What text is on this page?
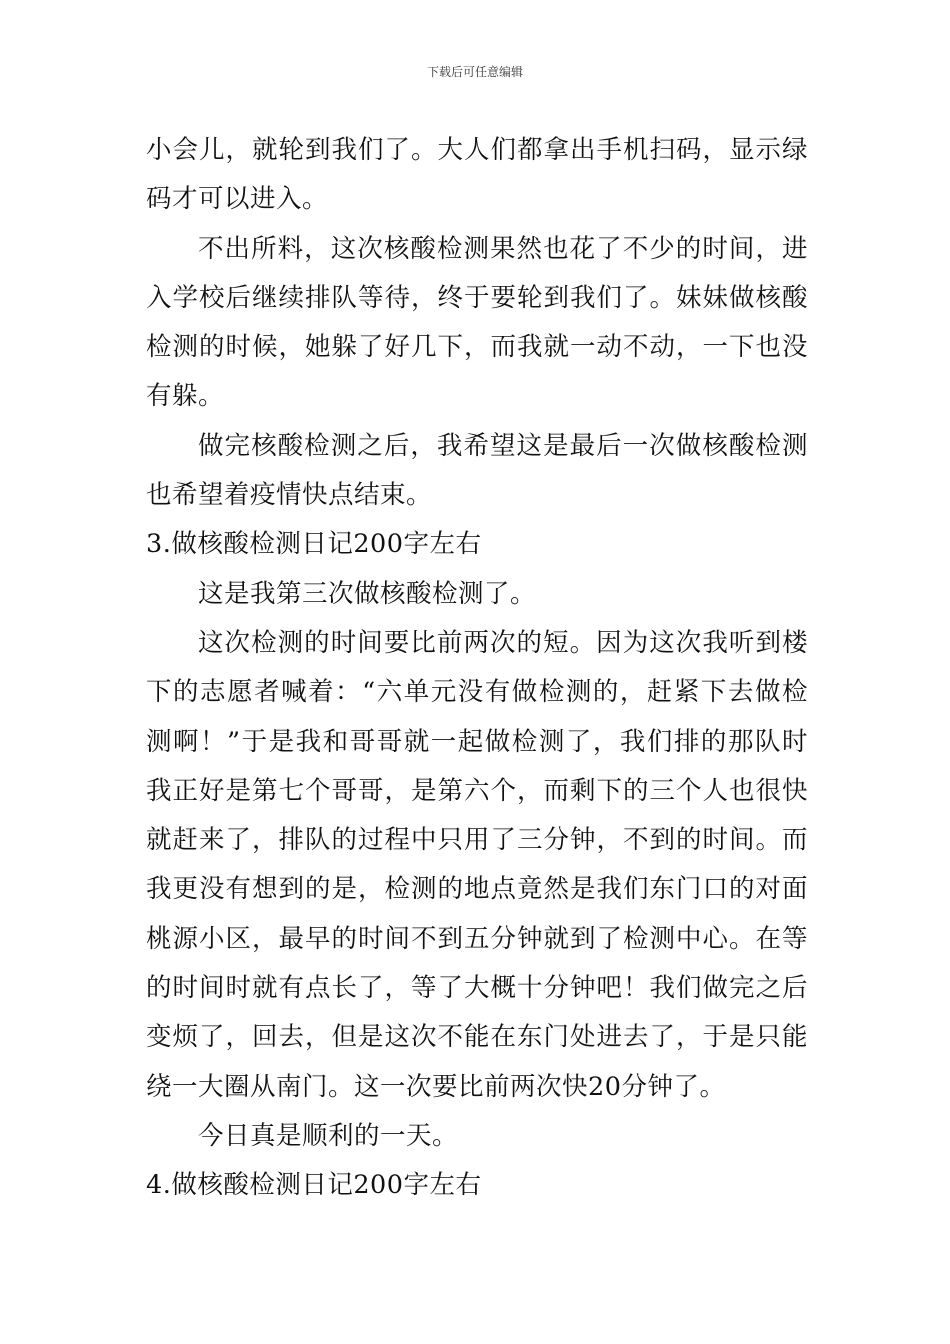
下载后可任意编辑

小会儿，就轮到我们了。大人们都拿出手机扫码，显示绿码才可以进入。

不出所料，这次核酸检测果然也花了不少的时间，进入学校后继续排队等待，终于要轮到我们了。妹妹做核酸检测的时候，她躲了好几下，而我就一动不动，一下也没有躲。

做完核酸检测之后，我希望这是最后一次做核酸检测也希望着疫情快点结束。

3.做核酸检测日记200字左右

这是我第三次做核酸检测了。

这次检测的时间要比前两次的短。因为这次我听到楼下的志愿者喊着：“六单元没有做检测的，赶紧下去做检测啊！”于是我和哥哥就一起做检测了，我们排的那队时我正好是第七个哥哥，是第六个，而剩下的三个人也很快就赶来了，排队的过程中只用了三分钟，不到的时间。而我更没有想到的是，检测的地点竟然是我们东门口的对面桃源小区，最早的时间不到五分钟就到了检测中心。在等的时间时就有点长了，等了大概十分钟吧！我们做完之后变烦了，回去，但是这次不能在东门处进去了，于是只能绕一大圈从南门。这一次要比前两次快20分钟了。

今日真是顺利的一天。

4.做核酸检测日记200字左右
